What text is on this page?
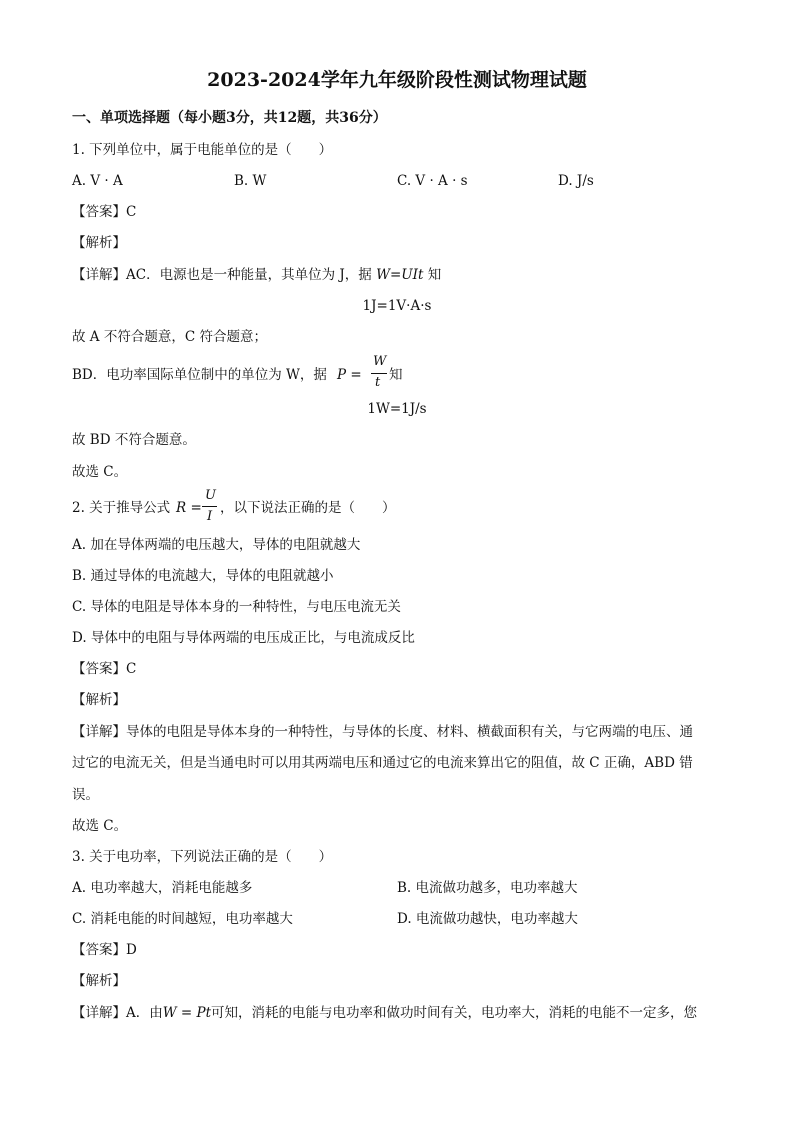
2023-2024学年九年级阶段性测试物理试题
一、单项选择题（每小题3分，共12题，共36分）
1. 下列单位中，属于电能单位的是（　　）
A. V · A	B. W	C. V · A · s	D. J/s
【答案】C
【解析】
【详解】AC．电源也是一种能量，其单位为 J，据 W=UIt 知
1J=1V·A·s
故 A 不符合题意，C 符合题意；
BD．电功率国际单位制中的单位为 W，据 P =
W
t 知
1W=1J/s
故 BD 不符合题意。
故选 C。
2. 关于推导公式 R =
U
I
，以下说法正确的是（　　）
A. 加在导体两端的电压越大，导体的电阻就越大
B. 通过导体的电流越大，导体的电阻就越小
C. 导体的电阻是导体本身的一种特性，与电压电流无关
D. 导体中的电阻与导体两端的电压成正比，与电流成反比
【答案】C
【解析】
【详解】导体的电阻是导体本身的一种特性，与导体的长度、材料、横截面积有关，与它两端的电压、通
过它的电流无关，但是当通电时可以用其两端电压和通过它的电流来算出它的阻值，故 C 正确，ABD 错
误。
故选 C。
3. 关于电功率，下列说法正确的是（　　）
A. 电功率越大，消耗电能越多	B. 电流做功越多，电功率越大
C. 消耗电能的时间越短，电功率越大	D. 电流做功越快，电功率越大
【答案】D
【解析】
【详解】A．由W = Pt可知，消耗的电能与电功率和做功时间有关，电功率大，消耗的电能不一定多，您
